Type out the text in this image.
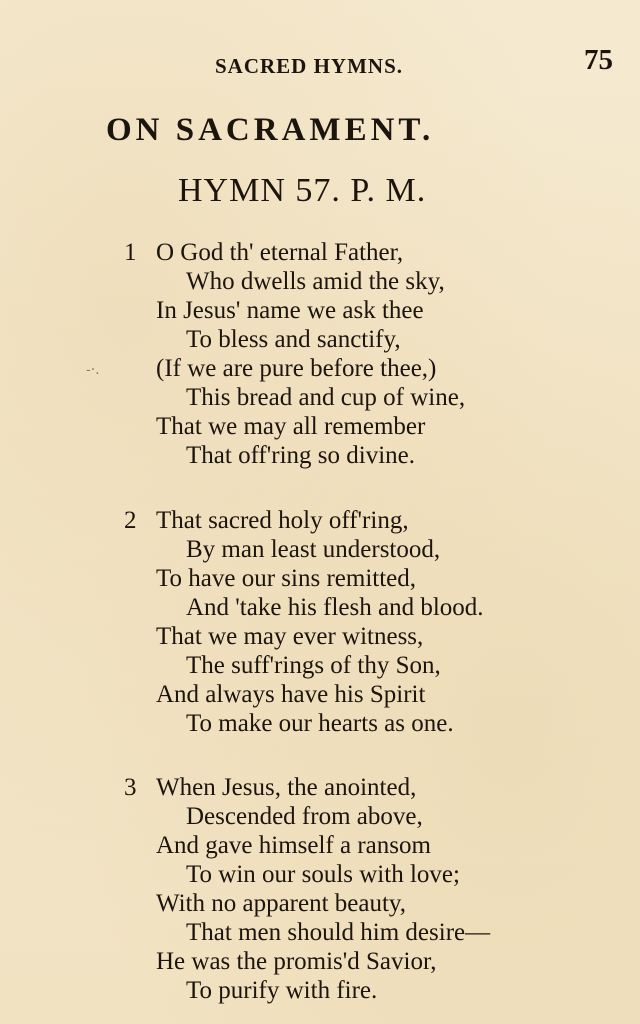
SACRED HYMNS.	75
ON SACRAMENT.
HYMN 57. P. M.
-·.
1 O God th' eternal Father,
Who dwells amid the sky,
In Jesus' name we ask thee
To bless and sanctify,
(If we are pure before thee,)
This bread and cup of wine,
That we may all remember
That off'ring so divine.
2 That sacred holy off'ring,
By man least understood,
To have our sins remitted,
And 'take his flesh and blood.
That we may ever witness,
The suff'rings of thy Son,
And always have his Spirit
To make our hearts as one.
3 When Jesus, the anointed,
Descended from above,
And gave himself a ransom
To win our souls with love;
With no apparent beauty,
That men should him desire—
He was the promis'd Savior,
To purify with fire.
